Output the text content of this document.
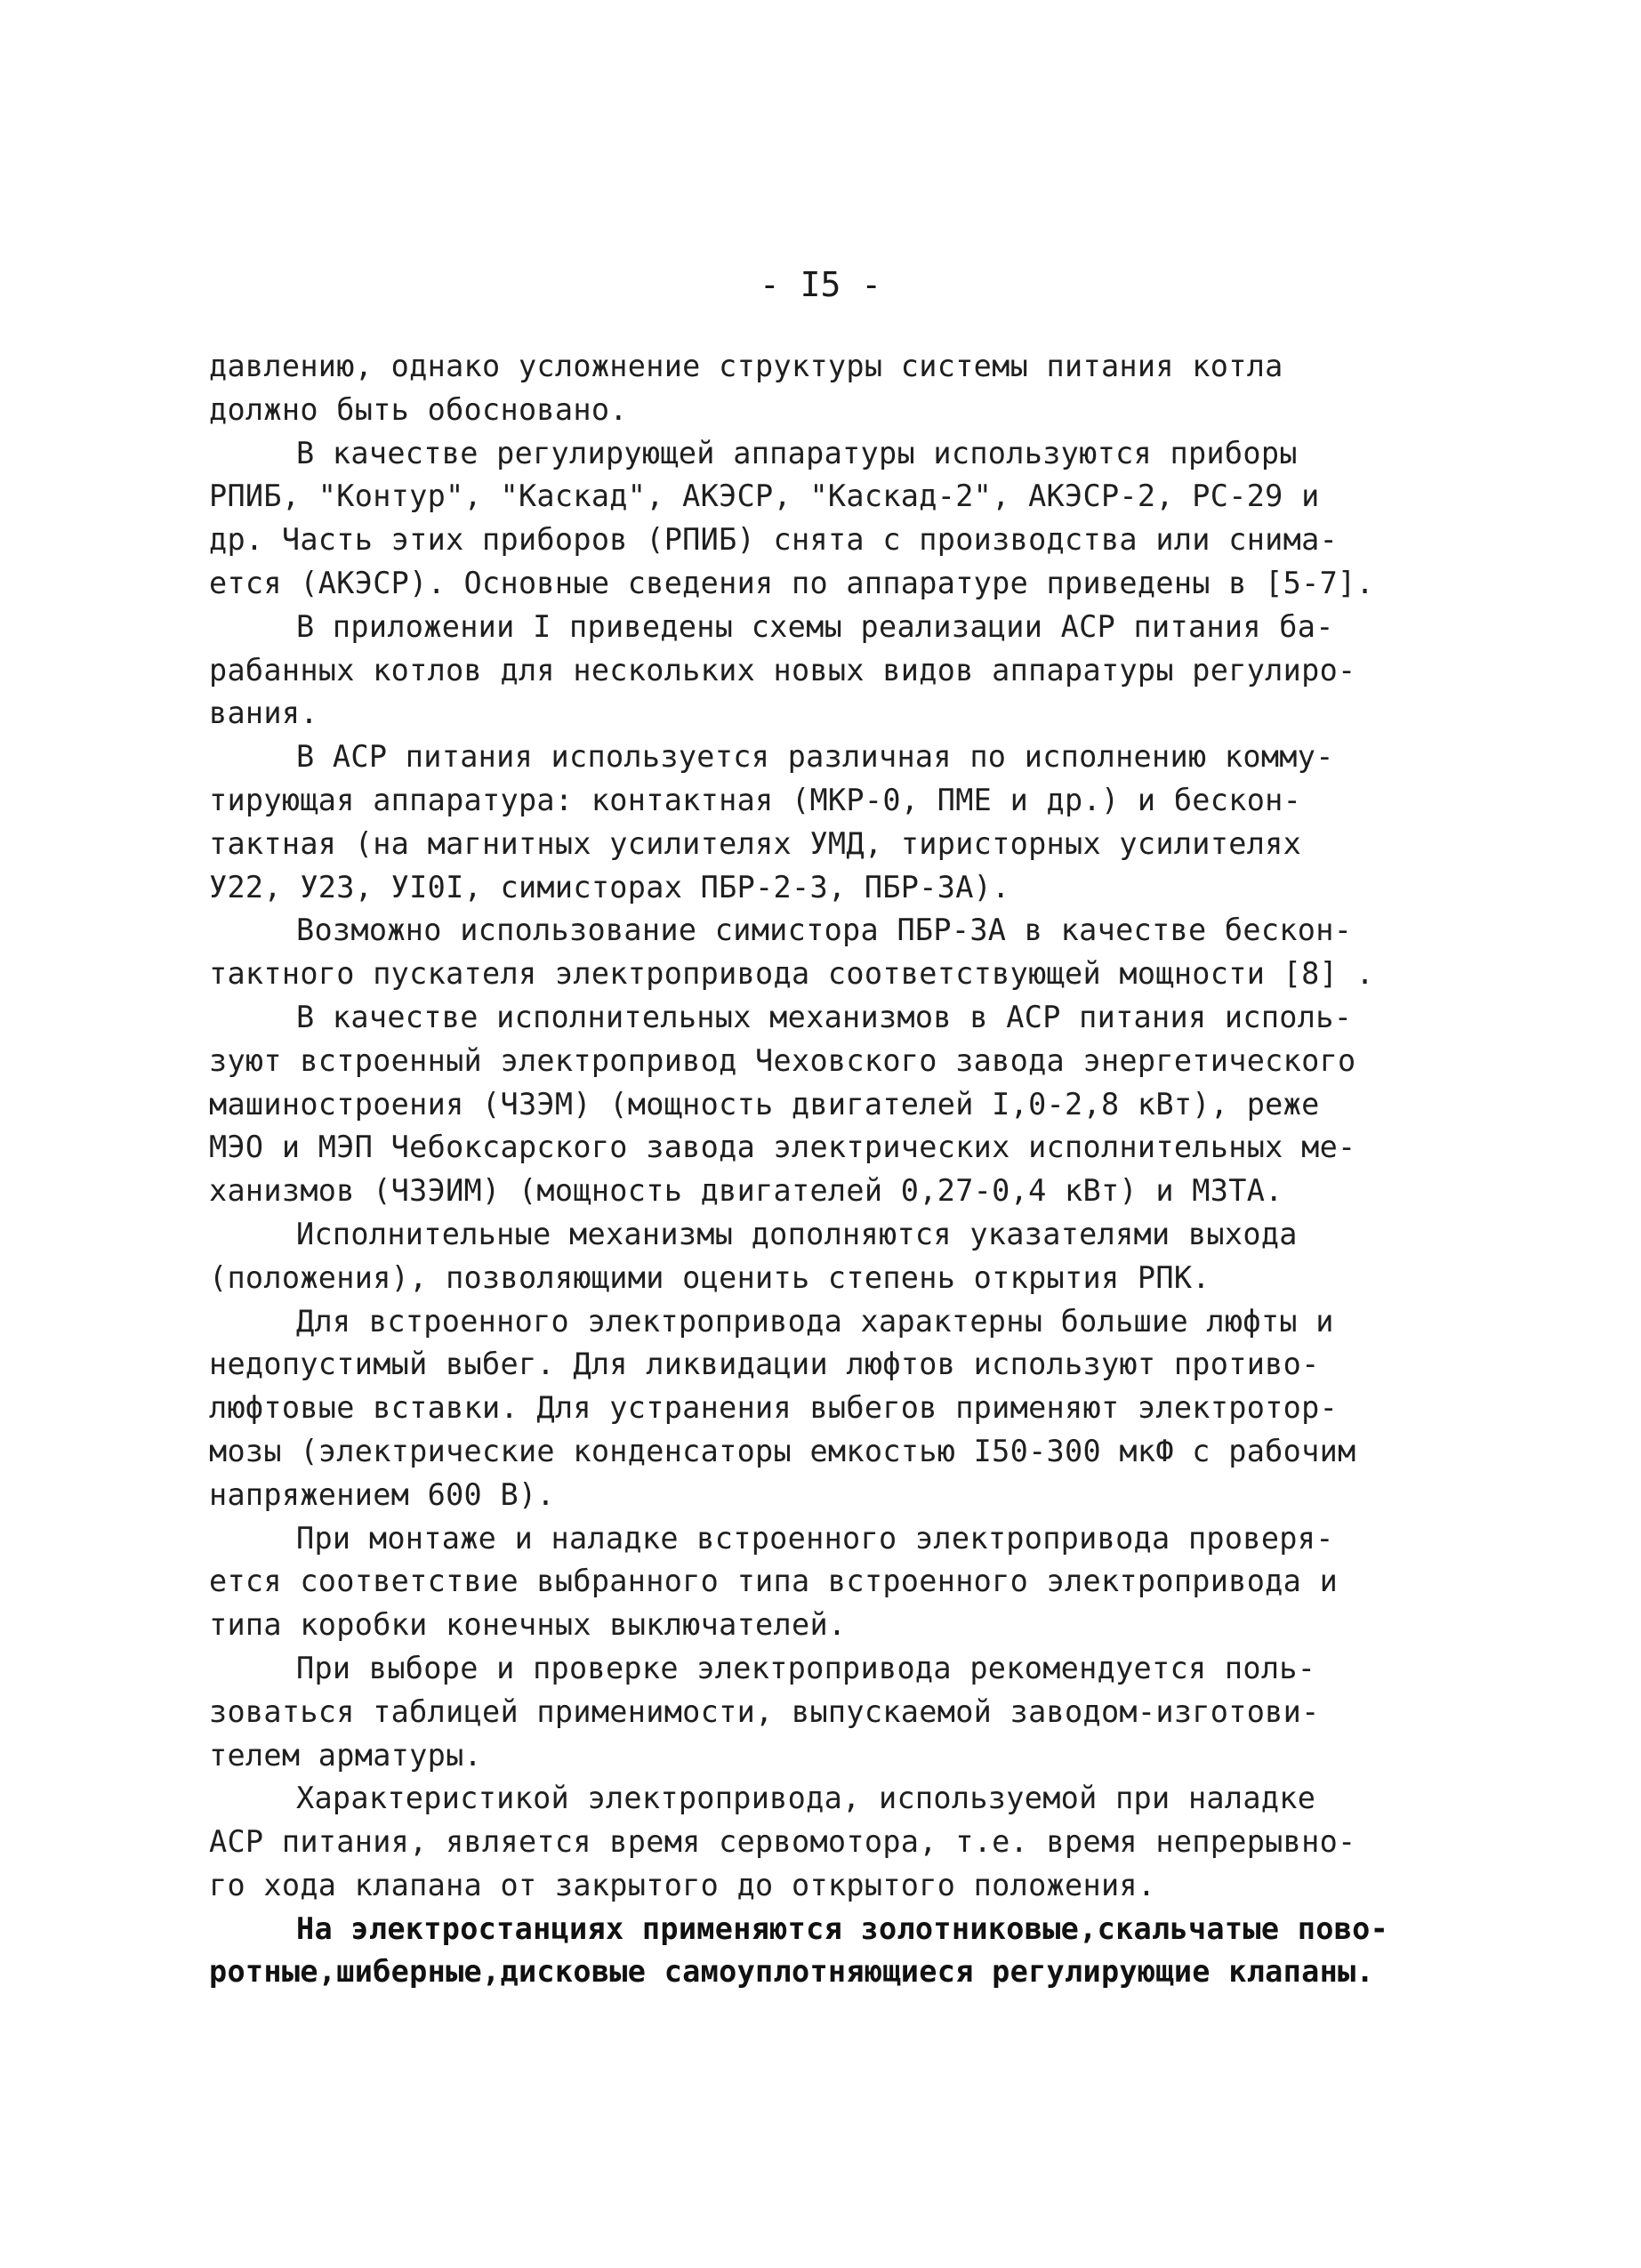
- I5 -
давлению, однако усложнение структуры системы питания котла
должно быть обосновано.
В качестве регулирующей аппаратуры используются приборы
РПИБ, "Контур", "Каскад", АКЭСР, "Каскад-2", АКЭСР-2, РС-29 и
др. Часть этих приборов (РПИБ) снята с производства или снима-
ется (АКЭСР). Основные сведения по аппаратуре приведены в [5-7].
В приложении I приведены схемы реализации АСР питания ба-
рабанных котлов для нескольких новых видов аппаратуры регулиро-
вания.
В АСР питания используется различная по исполнению комму-
тирующая аппаратура: контактная (МКР-0, ПМЕ и др.) и бескон-
тактная (на магнитных усилителях УМД, тиристорных усилителях
У22, У23, УI0I, симисторах ПБР-2-3, ПБР-3А).
Возможно использование симистора ПБР-3А в качестве бескон-
тактного пускателя электропривода соответствующей мощности [8] .
В качестве исполнительных механизмов в АСР питания исполь-
зуют встроенный электропривод Чеховского завода энергетического
машиностроения (ЧЗЭМ) (мощность двигателей I,0-2,8 кВт), реже
МЭО и МЭП Чебоксарского завода электрических исполнительных ме-
ханизмов (ЧЗЭИМ) (мощность двигателей 0,27-0,4 кВт) и МЗТА.
Исполнительные механизмы дополняются указателями выхода
(положения), позволяющими оценить степень открытия РПК.
Для встроенного электропривода характерны большие люфты и
недопустимый выбег. Для ликвидации люфтов используют противо-
люфтовые вставки. Для устранения выбегов применяют электротор-
мозы (электрические конденсаторы емкостью I50-300 мкФ с рабочим
напряжением 600 В).
При монтаже и наладке встроенного электропривода проверя-
ется соответствие выбранного типа встроенного электропривода и
типа коробки конечных выключателей.
При выборе и проверке электропривода рекомендуется поль-
зоваться таблицей применимости, выпускаемой заводом-изготови-
телем арматуры.
Характеристикой электропривода, используемой при наладке
АСР питания, является время сервомотора, т.е. время непрерывно-
го хода клапана от закрытого до открытого положения.
На электростанциях применяются золотниковые,скальчатые пово-
ротные,шиберные,дисковые самоуплотняющиеся регулирующие клапаны.
